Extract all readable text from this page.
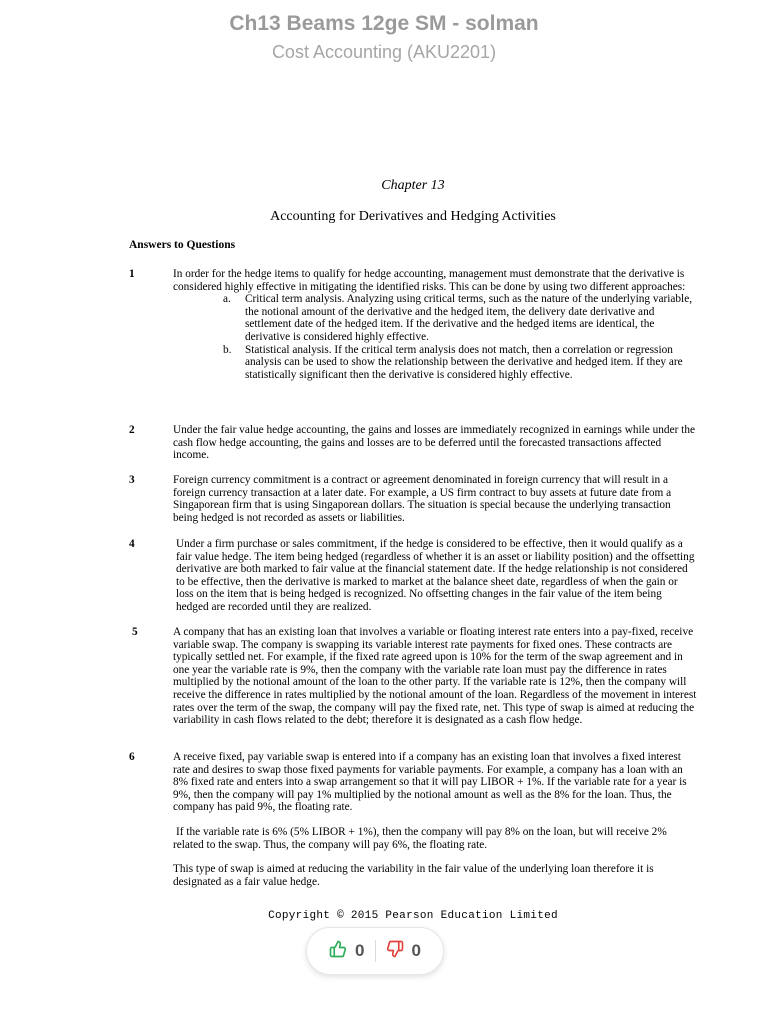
Ch13 Beams 12ge SM - solman
Cost Accounting (AKU2201)
Chapter 13
Accounting for Derivatives and Hedging Activities
Answers to Questions
1	In order for the hedge items to qualify for hedge accounting, management must demonstrate that the derivative is considered highly effective in mitigating the identified risks. This can be done by using two different approaches:

a. Critical term analysis. Analyzing using critical terms, such as the nature of the underlying variable, the notional amount of the derivative and the hedged item, the delivery date derivative and settlement date of the hedged item. If the derivative and the hedged items are identical, the derivative is considered highly effective.

b. Statistical analysis. If the critical term analysis does not match, then a correlation or regression analysis can be used to show the relationship between the derivative and hedged item. If they are statistically significant then the derivative is considered highly effective.

2	Under the fair value hedge accounting, the gains and losses are immediately recognized in earnings while under the cash flow hedge accounting, the gains and losses are to be deferred until the forecasted transactions affected income.

3	Foreign currency commitment is a contract or agreement denominated in foreign currency that will result in a foreign currency transaction at a later date. For example, a US firm contract to buy assets at future date from a Singaporean firm that is using Singaporean dollars. The situation is special because the underlying transaction being hedged is not recorded as assets or liabilities.

4	Under a firm purchase or sales commitment, if the hedge is considered to be effective, then it would qualify as a fair value hedge. The item being hedged (regardless of whether it is an asset or liability position) and the offsetting derivative are both marked to fair value at the financial statement date. If the hedge relationship is not considered to be effective, then the derivative is marked to market at the balance sheet date, regardless of when the gain or loss on the item that is being hedged is recognized. No offsetting changes in the fair value of the item being hedged are recorded until they are realized.

5	A company that has an existing loan that involves a variable or floating interest rate enters into a pay-fixed, receive variable swap. The company is swapping its variable interest rate payments for fixed ones. These contracts are typically settled net. For example, if the fixed rate agreed upon is 10% for the term of the swap agreement and in one year the variable rate is 9%, then the company with the variable rate loan must pay the difference in rates multiplied by the notional amount of the loan to the other party. If the variable rate is 12%, then the company will receive the difference in rates multiplied by the notional amount of the loan. Regardless of the movement in interest rates over the term of the swap, the company will pay the fixed rate, net. This type of swap is aimed at reducing the variability in cash flows related to the debt; therefore it is designated as a cash flow hedge.

6	A receive fixed, pay variable swap is entered into if a company has an existing loan that involves a fixed interest rate and desires to swap those fixed payments for variable payments. For example, a company has a loan with an 8% fixed rate and enters into a swap arrangement so that it will pay LIBOR + 1%. If the variable rate for a year is 9%, then the company will pay 1% multiplied by the notional amount as well as the 8% for the loan. Thus, the company has paid 9%, the floating rate.

If the variable rate is 6% (5% LIBOR + 1%), then the company will pay 8% on the loan, but will receive 2% related to the swap. Thus, the company will pay 6%, the floating rate.

This type of swap is aimed at reducing the variability in the fair value of the underlying loan therefore it is designated as a fair value hedge.

Copyright © 2015 Pearson Education Limited
0	0
